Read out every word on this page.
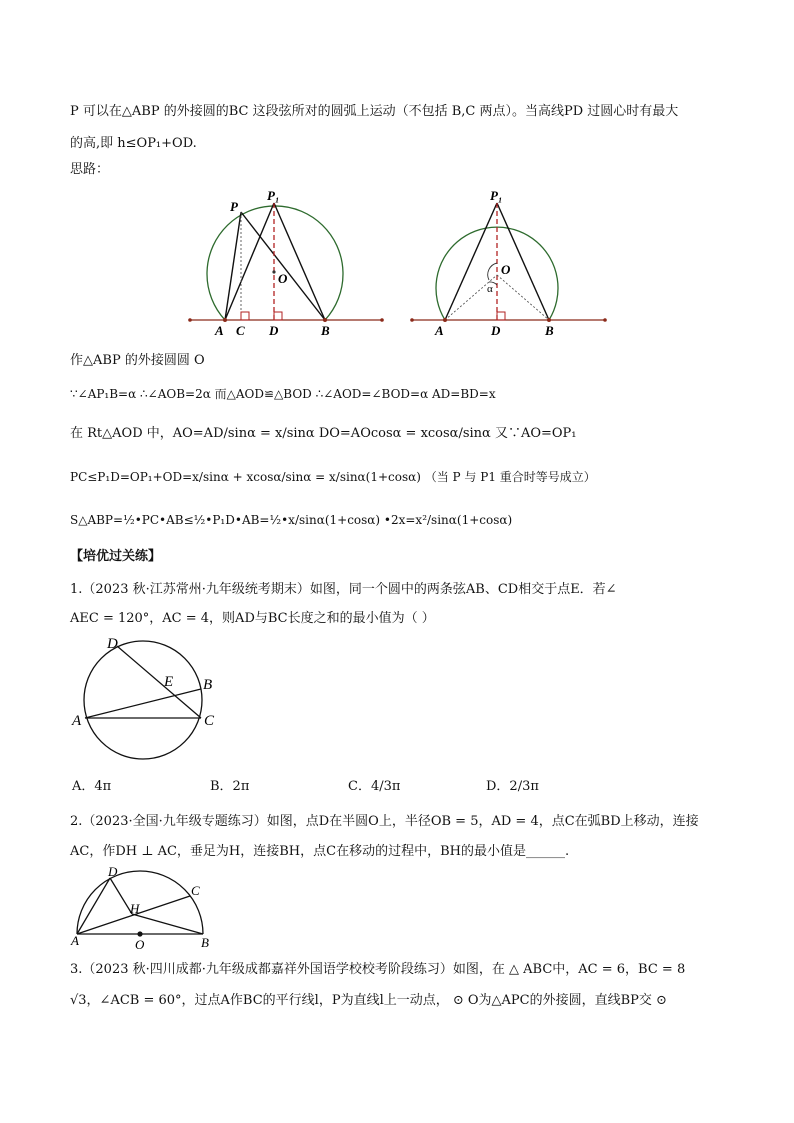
P 可以在△ABP 的外接圆的BC 这段弦所对的圆弧上运动（不包括 B,C 两点）。当高线PD 过圆心时有最大
的高,即 h≤OP₁+OD.
思路：
P
P₁
O
A C D	B
P₁
O
α
A	D	B
作△ABP 的外接圆圆 O
∵∠AP₁B=α ∴∠AOB=2α 而△AOD≌△BOD ∴∠AOD=∠BOD=α AD=BD=x
在 Rt△AOD 中，AO=AD/sinα = x/sinα DO=AOcosα = xcosα/sinα 又∵AO=OP₁
PC≤P₁D=OP₁+OD=x/sinα + xcosα/sinα = x/sinα(1+cosα) （当 P 与 P1 重合时等号成立）
S△ABP=½•PC•AB≤½•P₁D•AB=½•x/sinα(1+cosα) •2x=x²/sinα(1+cosα)
【培优过关练】
1.（2023 秋·江苏常州·九年级统考期末）如图，同一个圆中的两条弦AB、CD相交于点E．若∠
AEC = 120°，AC = 4，则AD与BC长度之和的最小值为（ ）
D
E B
A	C
A．4π	B．2π	C．4/3π	D．2/3π
2.（2023·全国·九年级专题练习）如图，点D在半圆O上，半径OB = 5，AD = 4，点C在弧BD上移动，连接
AC，作DH ⊥ AC，垂足为H，连接BH，点C在移动的过程中，BH的最小值是______.
D
C
H
A	O	B
3.（2023 秋·四川成都·九年级成都嘉祥外国语学校校考阶段练习）如图，在 △ ABC中，AC = 6，BC = 8
√3，∠ACB = 60°，过点A作BC的平行线l，P为直线l上一动点， ⊙ O为△APC的外接圆，直线BP交 ⊙
